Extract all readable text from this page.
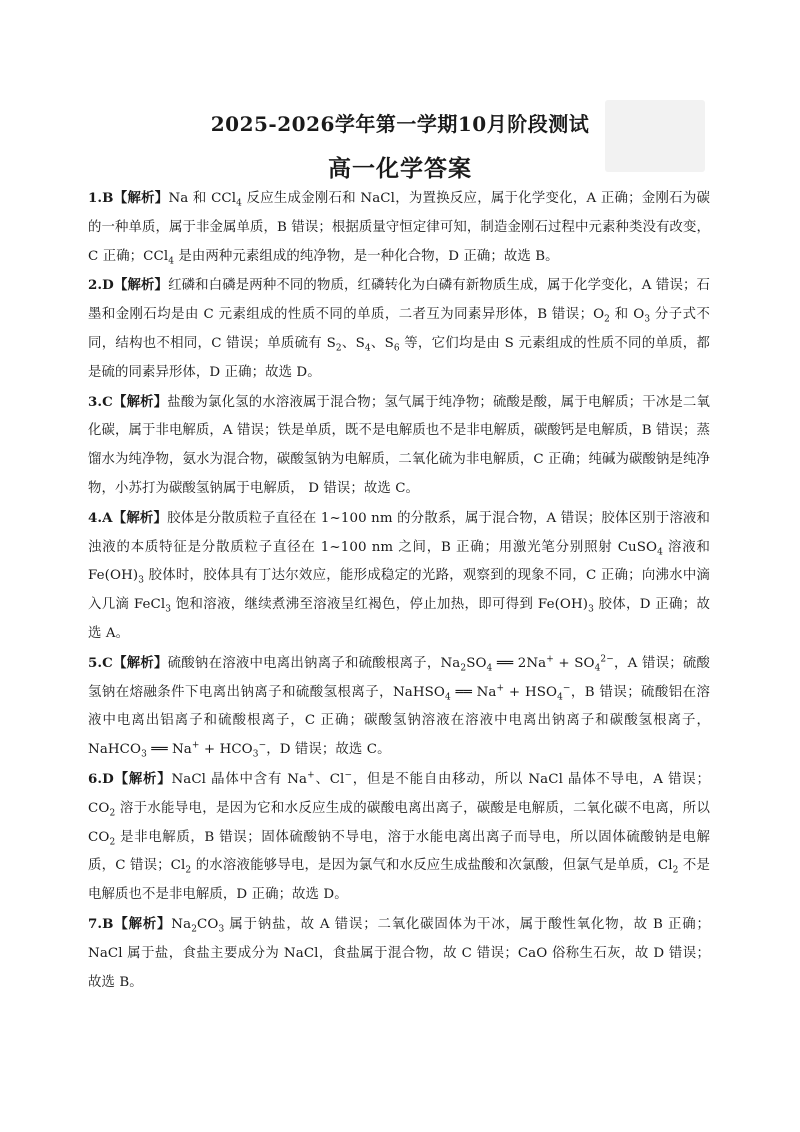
2025-2026学年第一学期10月阶段测试
高一化学答案

1.B【解析】Na 和 CCl$_4$ 反应生成金刚石和 NaCl，为置换反应，属于化学变化，A 正确；金刚石为碳的一种单质，属于非金属单质，B 错误；根据质量守恒定律可知，制造金刚石过程中元素种类没有改变，C 正确；CCl$_4$ 是由两种元素组成的纯净物，是一种化合物，D 正确；故选 B。

2.D【解析】红磷和白磷是两种不同的物质，红磷转化为白磷有新物质生成，属于化学变化，A 错误；石墨和金刚石均是由 C 元素组成的性质不同的单质，二者互为同素异形体，B 错误；$O_2$ 和 $O_3$ 分子式不同，结构也不相同，C 错误；单质硫有 $S_2$、$S_4$、$S_6$ 等，它们均是由 S 元素组成的性质不同的单质，都是硫的同素异形体，D 正确；故选 D。

3.C【解析】盐酸为氯化氢的水溶液属于混合物；氢气属于纯净物；硫酸是酸，属于电解质；干冰是二氧化碳，属于非电解质，A 错误；铁是单质，既不是电解质也不是非电解质，碳酸钙是电解质，B 错误；蒸馏水为纯净物，氨水为混合物，碳酸氢钠为电解质，二氧化硫为非电解质，C 正确；纯碱为碳酸钠是纯净物，小苏打为碳酸氢钠属于电解质， D 错误；故选 C。

4.A【解析】胶体是分散质粒子直径在 1~100 nm 的分散系，属于混合物，A 错误；胶体区别于溶液和浊液的本质特征是分散质粒子直径在 1~100 nm 之间，B 正确；用激光笔分别照射 CuSO$_4$ 溶液和 $Fe(OH)_3$ 胶体时，胶体具有丁达尔效应，能形成稳定的光路，观察到的现象不同，C 正确；向沸水中滴入几滴 FeCl$_3$ 饱和溶液，继续煮沸至溶液呈红褐色，停止加热，即可得到 $Fe(OH)_3$ 胶体，D 正确；故选 A。

5.C【解析】硫酸钠在溶液中电离出钠离子和硫酸根离子，$Na_2SO_4$ ══ $2Na^+ + SO_4^{2-}$，A 错误；硫酸氢钠在熔融条件下电离出钠离子和硫酸氢根离子，NaHSO$_4$ ══ $Na^+ + HSO_4^-$，B 错误；硫酸铝在溶液中电离出铝离子和硫酸根离子，C 正确；碳酸氢钠溶液在溶液中电离出钠离子和碳酸氢根离子，NaHCO$_3$ ══ $Na^+ + HCO_3^-$，D 错误；故选 C。

6.D【解析】NaCl 晶体中含有 Na+、Cl−，但是不能自由移动，所以 NaCl 晶体不导电，A 错误；$CO_2$ 溶于水能导电，是因为它和水反应生成的碳酸电离出离子，碳酸是电解质，二氧化碳不电离，所以 $CO_2$ 是非电解质，B 错误；固体硫酸钠不导电，溶于水能电离出离子而导电，所以固体硫酸钠是电解质，C 错误；$Cl_2$ 的水溶液能够导电，是因为氯气和水反应生成盐酸和次氯酸，但氯气是单质，$Cl_2$ 不是电解质也不是非电解质，D 正确；故选 D。

7.B【解析】$Na_2CO_3$ 属于钠盐，故 A 错误；二氧化碳固体为干冰，属于酸性氧化物，故 B 正确；NaCl 属于盐，食盐主要成分为 NaCl，食盐属于混合物，故 C 错误；CaO 俗称生石灰，故 D 错误；故选 B。
